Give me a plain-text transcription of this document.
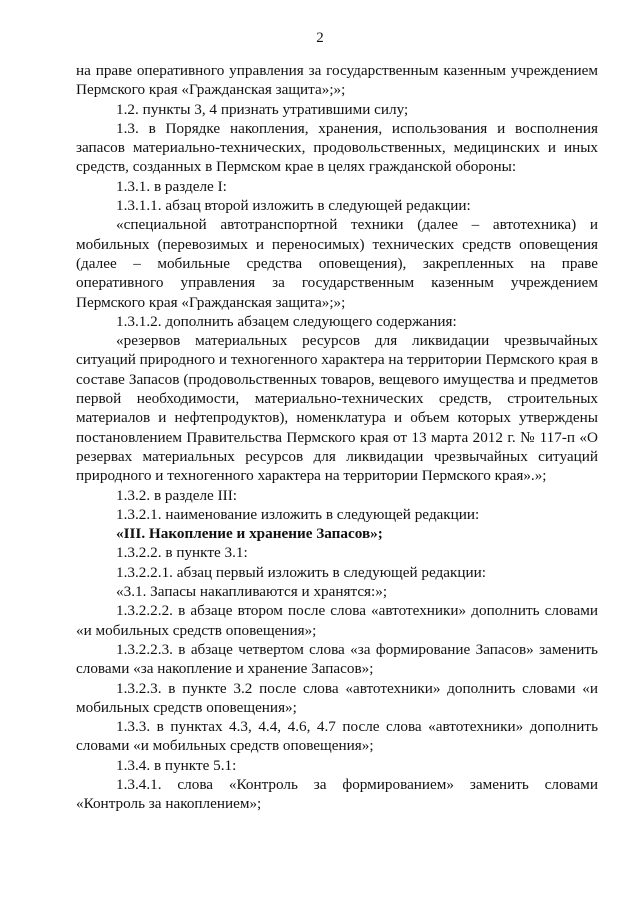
2

на праве оперативного управления за государственным казенным учреждением Пермского края «Гражданская защита»;»;

1.2. пункты 3, 4 признать утратившими силу;

1.3. в Порядке накопления, хранения, использования и восполнения запасов материально-технических, продовольственных, медицинских и иных средств, созданных в Пермском крае в целях гражданской обороны:

1.3.1. в разделе I:

1.3.1.1. абзац второй изложить в следующей редакции:

«специальной автотранспортной техники (далее – автотехника) и мобильных (перевозимых и переносимых) технических средств оповещения (далее – мобильные средства оповещения), закрепленных на праве оперативного управления за государственным казенным учреждением Пермского края «Гражданская защита»;»;

1.3.1.2. дополнить абзацем следующего содержания:

«резервов материальных ресурсов для ликвидации чрезвычайных ситуаций природного и техногенного характера на территории Пермского края в составе Запасов (продовольственных товаров, вещевого имущества и предметов первой необходимости, материально-технических средств, строительных материалов и нефтепродуктов), номенклатура и объем которых утверждены постановлением Правительства Пермского края от 13 марта 2012 г. № 117-п «О резервах материальных ресурсов для ликвидации чрезвычайных ситуаций природного и техногенного характера на территории Пермского края».»;

1.3.2. в разделе III:

1.3.2.1. наименование изложить в следующей редакции:

«III. Накопление и хранение Запасов»;

1.3.2.2. в пункте 3.1:

1.3.2.2.1. абзац первый изложить в следующей редакции:

«3.1. Запасы накапливаются и хранятся:»;

1.3.2.2.2. в абзаце втором после слова «автотехники» дополнить словами «и мобильных средств оповещения»;

1.3.2.2.3. в абзаце четвертом слова «за формирование Запасов» заменить словами «за накопление и хранение Запасов»;

1.3.2.3. в пункте 3.2 после слова «автотехники» дополнить словами «и мобильных средств оповещения»;

1.3.3. в пунктах 4.3, 4.4, 4.6, 4.7 после слова «автотехники» дополнить словами «и мобильных средств оповещения»;

1.3.4. в пункте 5.1:

1.3.4.1. слова «Контроль за формированием» заменить словами «Контроль за накоплением»;
